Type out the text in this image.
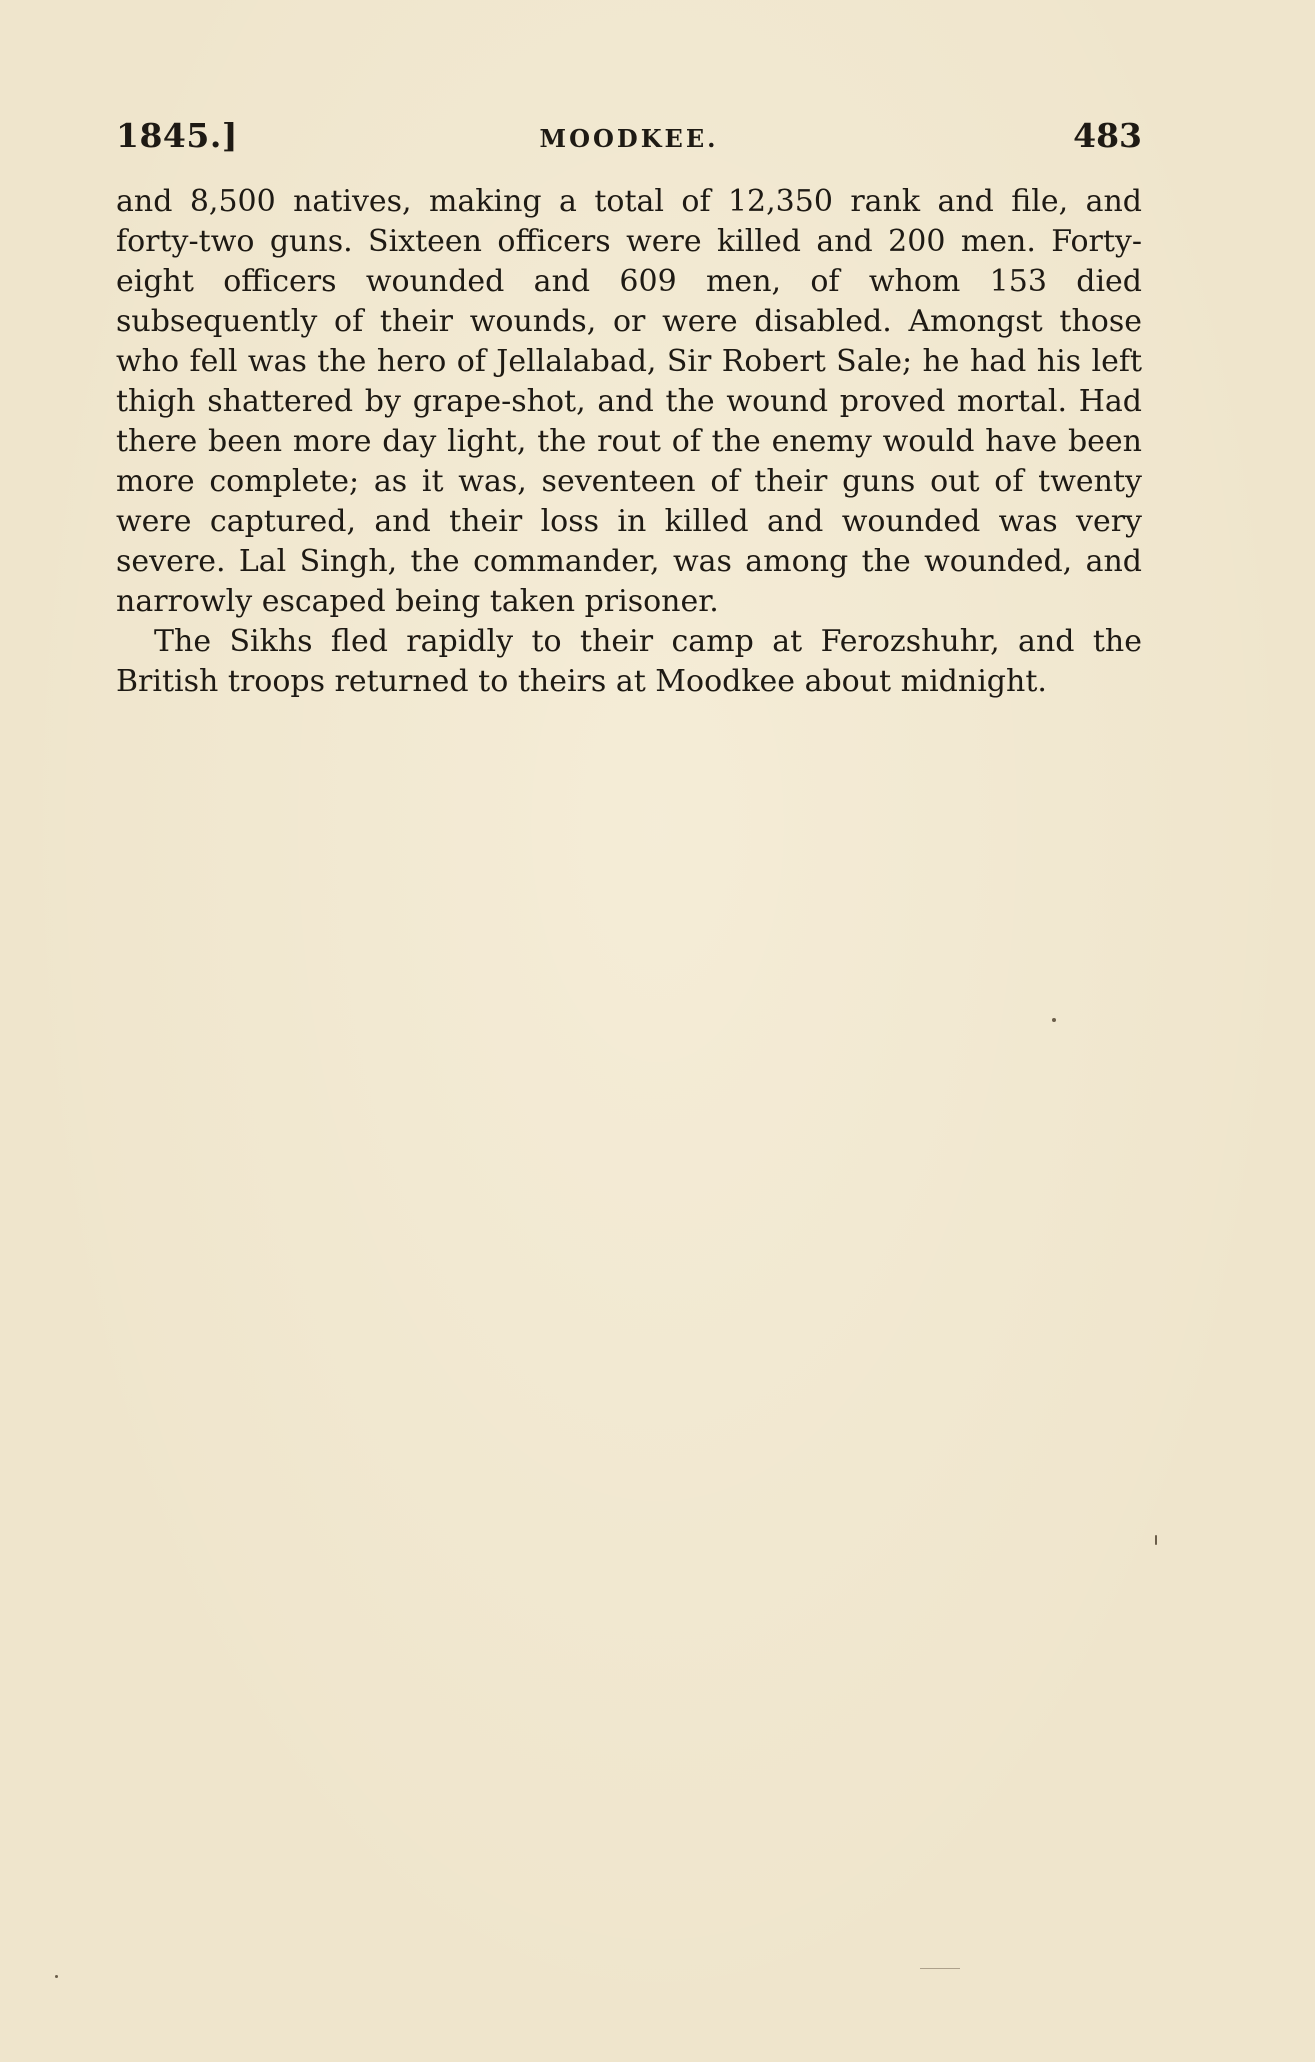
1845.]	MOODKEE.	483

and 8,500 natives, making a total of 12,350 rank and file, and forty-two guns. Sixteen officers were killed and 200 men. Forty-eight officers wounded and 609 men, of whom 153 died subsequently of their wounds, or were disabled. Amongst those who fell was the hero of Jellalabad, Sir Robert Sale; he had his left thigh shattered by grape-shot, and the wound proved mortal. Had there been more day light, the rout of the enemy would have been more complete; as it was, seventeen of their guns out of twenty were captured, and their loss in killed and wounded was very severe. Lal Singh, the commander, was among the wounded, and narrowly escaped being taken prisoner.

The Sikhs fled rapidly to their camp at Ferozshuhr, and the British troops returned to theirs at Moodkee about midnight.
